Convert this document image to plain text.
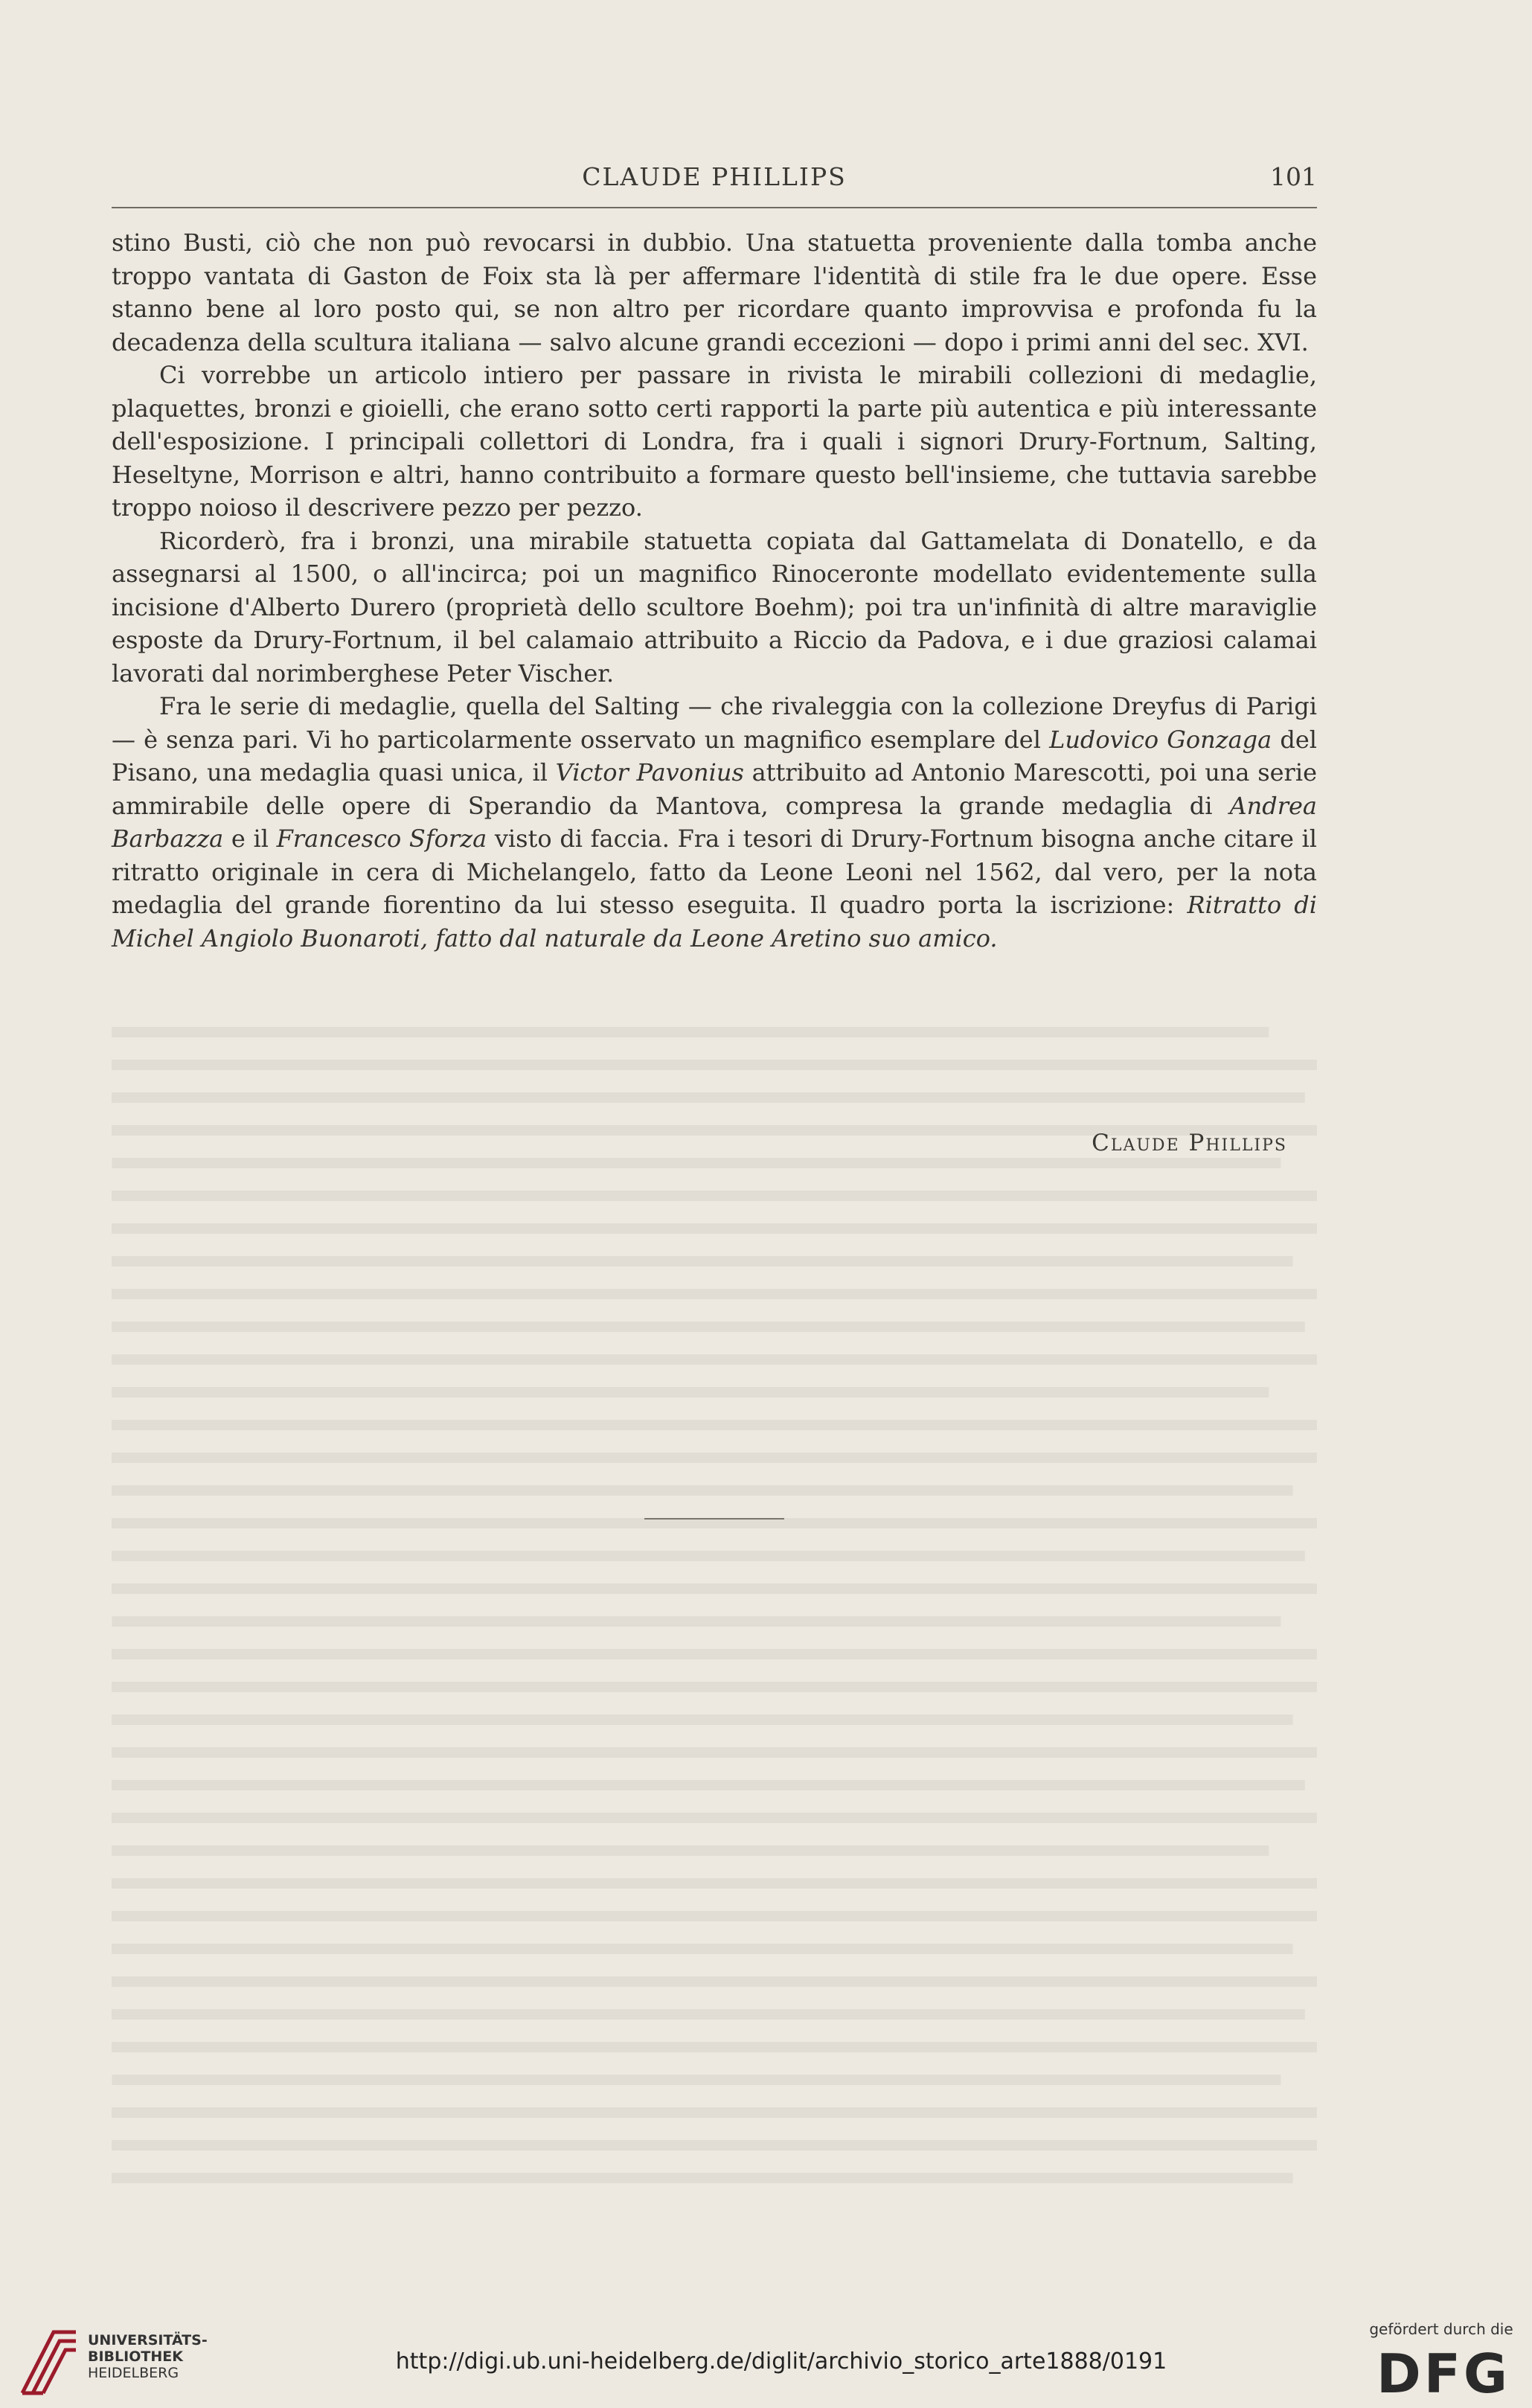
CLAUDE PHILLIPS	101

stino Busti, ciò che non può revocarsi in dubbio. Una statuetta proveniente dalla tomba anche troppo vantata di Gaston de Foix sta là per affermare l'identità di stile fra le due opere. Esse stanno bene al loro posto qui, se non altro per ricordare quanto improvvisa e profonda fu la decadenza della scultura italiana — salvo alcune grandi eccezioni — dopo i primi anni del sec. XVI.

Ci vorrebbe un articolo intiero per passare in rivista le mirabili collezioni di medaglie, plaquettes, bronzi e gioielli, che erano sotto certi rapporti la parte più autentica e più interessante dell'esposizione. I principali collettori di Londra, fra i quali i signori Drury-Fortnum, Salting, Heseltyne, Morrison e altri, hanno contribuito a formare questo bell'insieme, che tuttavia sarebbe troppo noioso il descrivere pezzo per pezzo.

Ricorderò, fra i bronzi, una mirabile statuetta copiata dal Gattamelata di Donatello, e da assegnarsi al 1500, o all'incirca; poi un magnifico Rinoceronte modellato evidentemente sulla incisione d'Alberto Durero (proprietà dello scultore Boehm); poi tra un'infinità di altre maraviglie esposte da Drury-Fortnum, il bel calamaio attribuito a Riccio da Padova, e i due graziosi calamai lavorati dal norimberghese Peter Vischer.

Fra le serie di medaglie, quella del Salting — che rivaleggia con la collezione Dreyfus di Parigi — è senza pari. Vi ho particolarmente osservato un magnifico esemplare del Ludovico Gonzaga del Pisano, una medaglia quasi unica, il Victor Pavonius attribuito ad Antonio Marescotti, poi una serie ammirabile delle opere di Sperandio da Mantova, compresa la grande medaglia di Andrea Barbazza e il Francesco Sforza visto di faccia. Fra i tesori di Drury-Fortnum bisogna anche citare il ritratto originale in cera di Michelangelo, fatto da Leone Leoni nel 1562, dal vero, per la nota medaglia del grande fiorentino da lui stesso eseguita. Il quadro porta la iscrizione: Ritratto di Michel Angiolo Buonaroti, fatto dal naturale da Leone Aretino suo amico.

Claude Phillips
UNIVERSITÄTS-
BIBLIOTHEK
HEIDELBERG	http://digi.ub.uni-heidelberg.de/diglit/archivio_storico_arte1888/0191
gefördert durch die
DFG
